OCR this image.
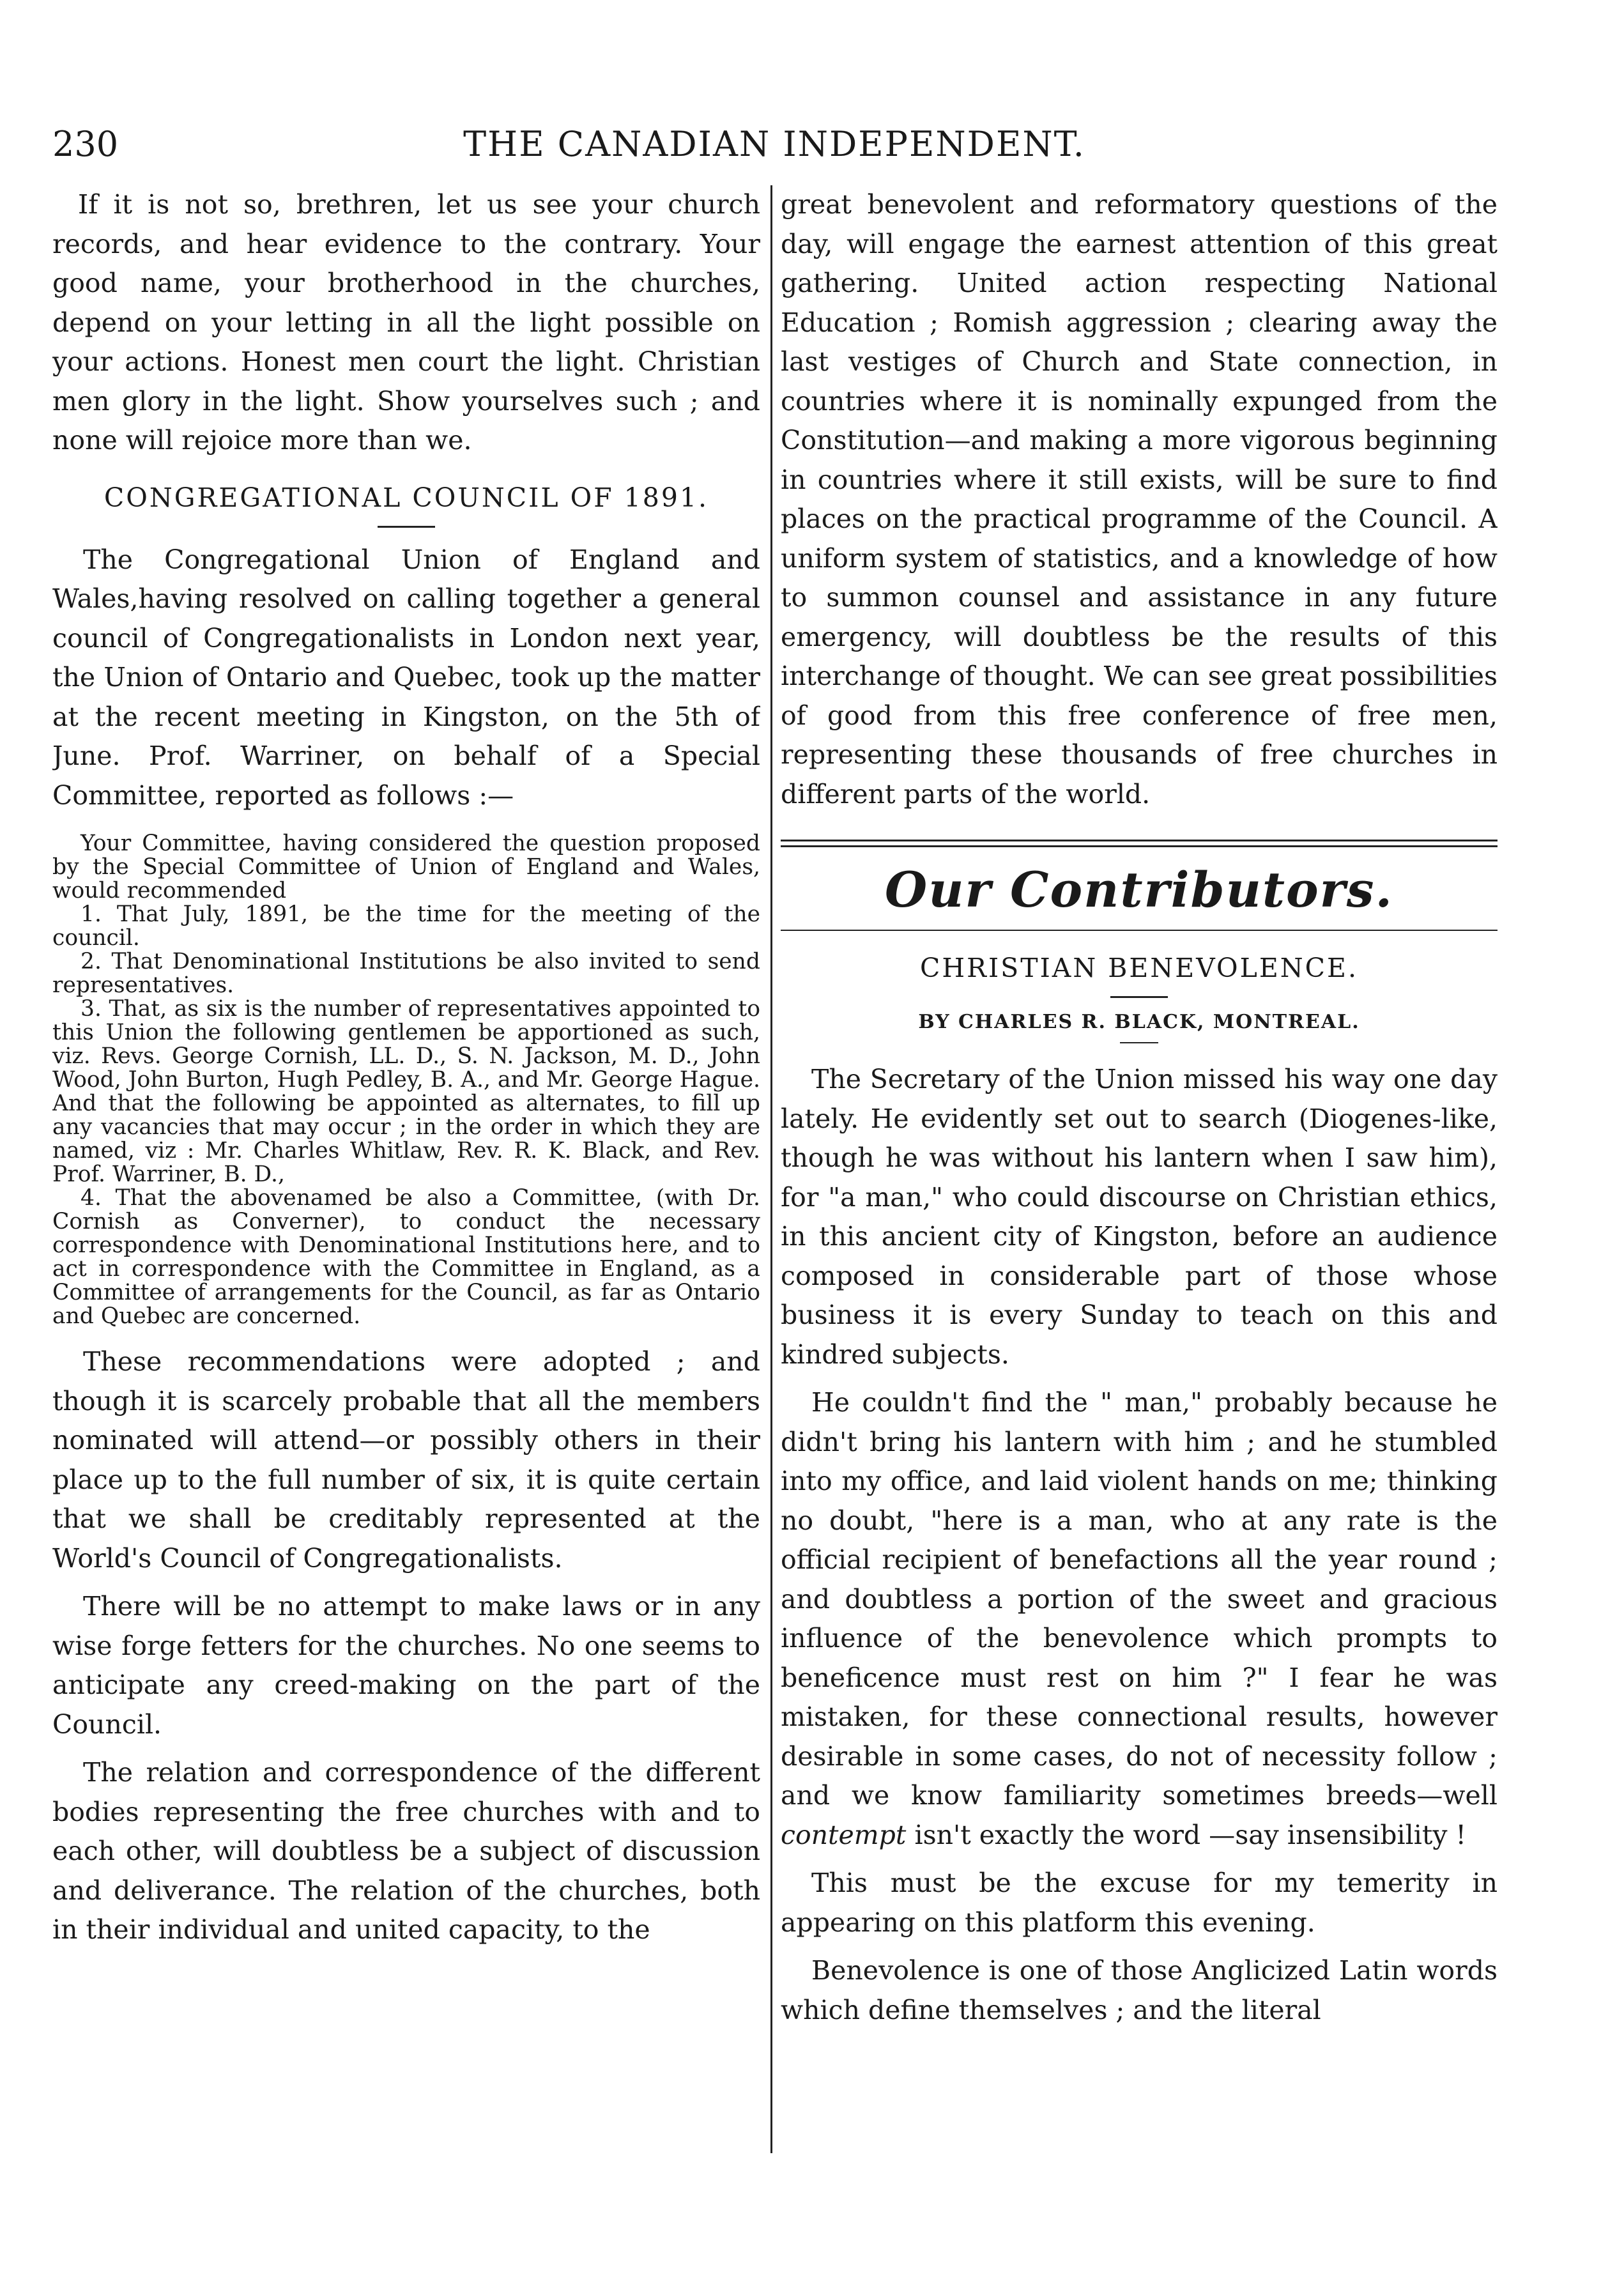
230	THE CANADIAN INDEPENDENT.

If it is not so, brethren, let us see your church records, and hear evidence to the contrary. Your good name, your brotherhood in the churches, depend on your letting in all the light possible on your actions. Honest men court the light. Christian men glory in the light. Show yourselves such ; and none will rejoice more than we.

CONGREGATIONAL COUNCIL OF 1891.

The Congregational Union of England and Wales,having resolved on calling together a general council of Congregationalists in London next year, the Union of Ontario and Quebec, took up the matter at the recent meeting in Kingston, on the 5th of June. Prof. Warriner, on behalf of a Special Committee, reported as follows :—

Your Committee, having considered the question proposed by the Special Committee of Union of England and Wales, would recommended

1. That July, 1891, be the time for the meeting of the council.

2. That Denominational Institutions be also invited to send representatives.

3. That, as six is the number of representatives appointed to this Union the following gentlemen be apportioned as such, viz. Revs. George Cornish, LL. D., S. N. Jackson, M. D., John Wood, John Burton, Hugh Pedley, B. A., and Mr. George Hague. And that the following be appointed as alternates, to fill up any vacancies that may occur ; in the order in which they are named, viz : Mr. Charles Whitlaw, Rev. R. K. Black, and Rev. Prof. Warriner, B. D.,

4. That the abovenamed be also a Committee, (with Dr. Cornish as Converner), to conduct the necessary correspondence with Denominational Institutions here, and to act in correspondence with the Committee in England, as a Committee of arrangements for the Council, as far as Ontario and Quebec are concerned.

These recommendations were adopted ; and though it is scarcely probable that all the members nominated will attend—or possibly others in their place up to the full number of six, it is quite certain that we shall be creditably represented at the World's Council of Congregationalists.

There will be no attempt to make laws or in any wise forge fetters for the churches. No one seems to anticipate any creed-making on the part of the Council.

The relation and correspondence of the different bodies representing the free churches with and to each other, will doubtless be a subject of discussion and deliverance. The relation of the churches, both in their individual and united capacity, to the

great benevolent and reformatory questions of the day, will engage the earnest attention of this great gathering. United action respecting National Education ; Romish aggression ; clearing away the last vestiges of Church and State connection, in countries where it is nominally expunged from the Constitution—and making a more vigorous beginning in countries where it still exists, will be sure to find places on the practical programme of the Council. A uniform system of statistics, and a knowledge of how to summon counsel and assistance in any future emergency, will doubtless be the results of this interchange of thought. We can see great possibilities of good from this free conference of free men, representing these thousands of free churches in different parts of the world.

Our Contributors.
CHRISTIAN BENEVOLENCE.
BY CHARLES R. BLACK, MONTREAL.

The Secretary of the Union missed his way one day lately. He evidently set out to search (Diogenes-like, though he was without his lantern when I saw him), for "a man," who could discourse on Christian ethics, in this ancient city of Kingston, before an audience composed in considerable part of those whose business it is every Sunday to teach on this and kindred subjects.

He couldn't find the " man," probably because he didn't bring his lantern with him ; and he stumbled into my office, and laid violent hands on me; thinking no doubt, "here is a man, who at any rate is the official recipient of benefactions all the year round ; and doubtless a portion of the sweet and gracious influence of the benevolence which prompts to beneficence must rest on him ?" I fear he was mistaken, for these connectional results, however desirable in some cases, do not of necessity follow ; and we know familiarity sometimes breeds—well contempt isn't exactly the word —say insensibility !

This must be the excuse for my temerity in appearing on this platform this evening.

Benevolence is one of those Anglicized Latin words which define themselves ; and the literal
